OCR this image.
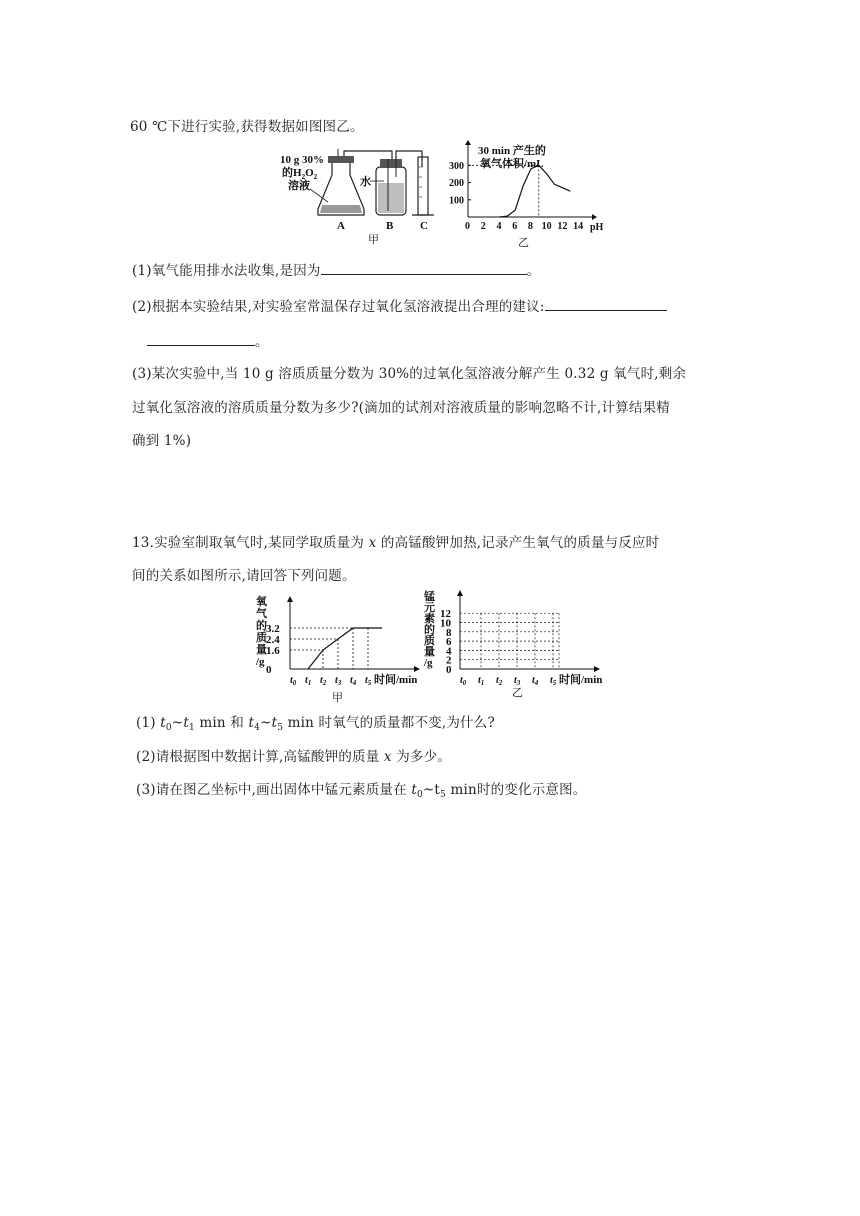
60 ℃下进行实验,获得数据如图图乙。
10 g 30%
的$H_2O_2$
溶液	水
A	B C
甲
30 min 产生的
氧气体积/mL
pH
0 2 4 6 8 10 12 14
100
200
300
乙
(1)氧气能用排水法收集,是因为	。
(2)根据本实验结果,对实验室常温保存过氧化氢溶液提出合理的建议:
。
(3)某次实验中,当 10 g 溶质质量分数为 30%的过氧化氢溶液分解产生 0.32 g 氧气时,剩余
过氧化氢溶液的溶质质量分数为多少?(滴加的试剂对溶液质量的影响忽略不计,计算结果精
确到 1%)
13.实验室制取氧气时,某同学取质量为 x 的高锰酸钾加热,记录产生氧气的质量与反应时
间的关系如图所示,请回答下列问题。
氧
气
的
质
量
/g
0
1.6
2.4
3.2
$t_0$ $t_1$ $t_2$ $t_3$ $t_4$ $t_5$ 时间/min
甲
锰
元
素
的
质
量
/g
0
2
4
6
8
10
12
$t_0$ $t_1$ $t_2$ $t_3$ $t_4$ $t_5$ 时间/min
乙
(1) $t_0\sim t_1$ min 和 $t_4\sim t_5$ min 时氧气的质量都不变,为什么?
(2)请根据图中数据计算,高锰酸钾的质量 x 为多少。
(3)请在图乙坐标中,画出固体中锰元素质量在 $t_0\sim t_5$ min时的变化示意图。
